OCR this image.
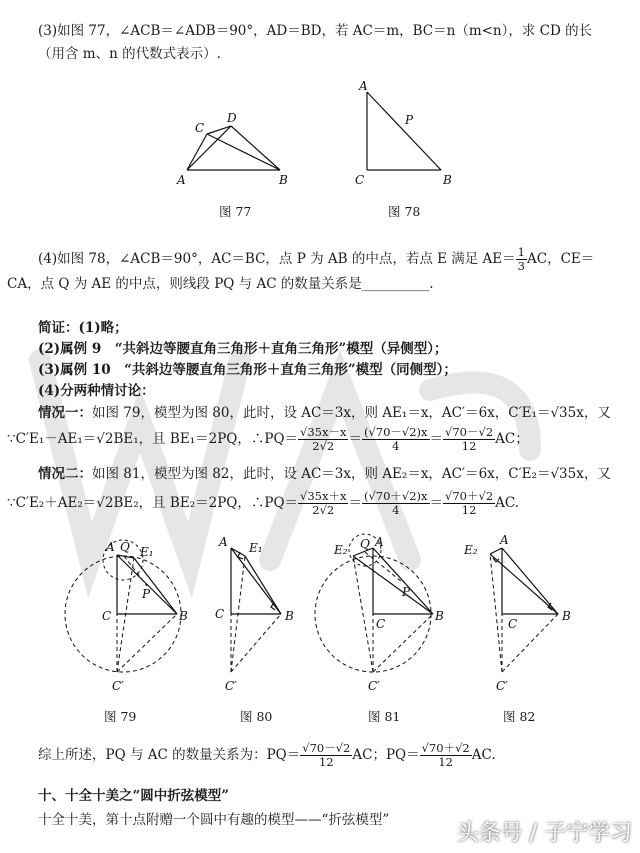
(3)如图 77，∠ACB＝∠ADB＝90°，AD＝BD，若 AC＝m，BC＝n（m<n），求 CD 的长
（用含 m、n 的代数式表示）.
A	B
C
D
图 77
A
C	B
P
图 78
(4)如图 78，∠ACB＝90°，AC＝BC，点 P 为 AB 的中点，若点 E 满足 $AE= \frac{1}{3}$ AC，CE＝
CA，点 Q 为 AE 的中点，则线段 PQ 与 AC 的数量关系是__________.
简证：(1)略；
(2)属例 9　“共斜边等腰直角三角形＋直角三角形”模型（异侧型）；
(3)属例 10　“共斜边等腰直角三角形＋直角三角形”模型（同侧型）；
(4)分两种情讨论：
情况一：如图 79，模型为图 80，此时，设 AC＝3x，则 AE₁＝x，AC′＝6x，C′E₁＝√35x，又
∵C′E₁－AE₁＝√2BE₁，且 BE₁＝2PQ，∴PQ＝ $\frac{√35x-x}{2√2} = \frac{(√70-√2)x}{4} = \frac{√70-√2}{12}$ AC；
情况二：如图 81，模型为图 82，此时，设 AC＝3x，则 AE₂＝x，AC′＝6x，C′E₂＝√35x，又
∵C′E₂＋AE₂＝√2BE₂，且 BE₂＝2PQ，∴PQ＝ $\frac{√35x+x}{2√2} = \frac{(√70+√2)x}{4} = \frac{√70+√2}{12}$ AC.
A Q E₁
P
C	B
C′
图 79
A E₁
C	B
C′
图 80
E₂ Q A
P
C
B
C′
图 81
E₂
A
C
B
C′
图 82
综上所述，PQ 与 AC 的数量关系为：$PQ= \frac{√70-√2}{12}$ AC；$PQ= \frac{√70+√2}{12}$ AC.
十、十全十美之“圆中折弦模型”
十全十美，第十点附赠一个圆中有趣的模型——“折弦模型”
头条号 / 子宁学习
